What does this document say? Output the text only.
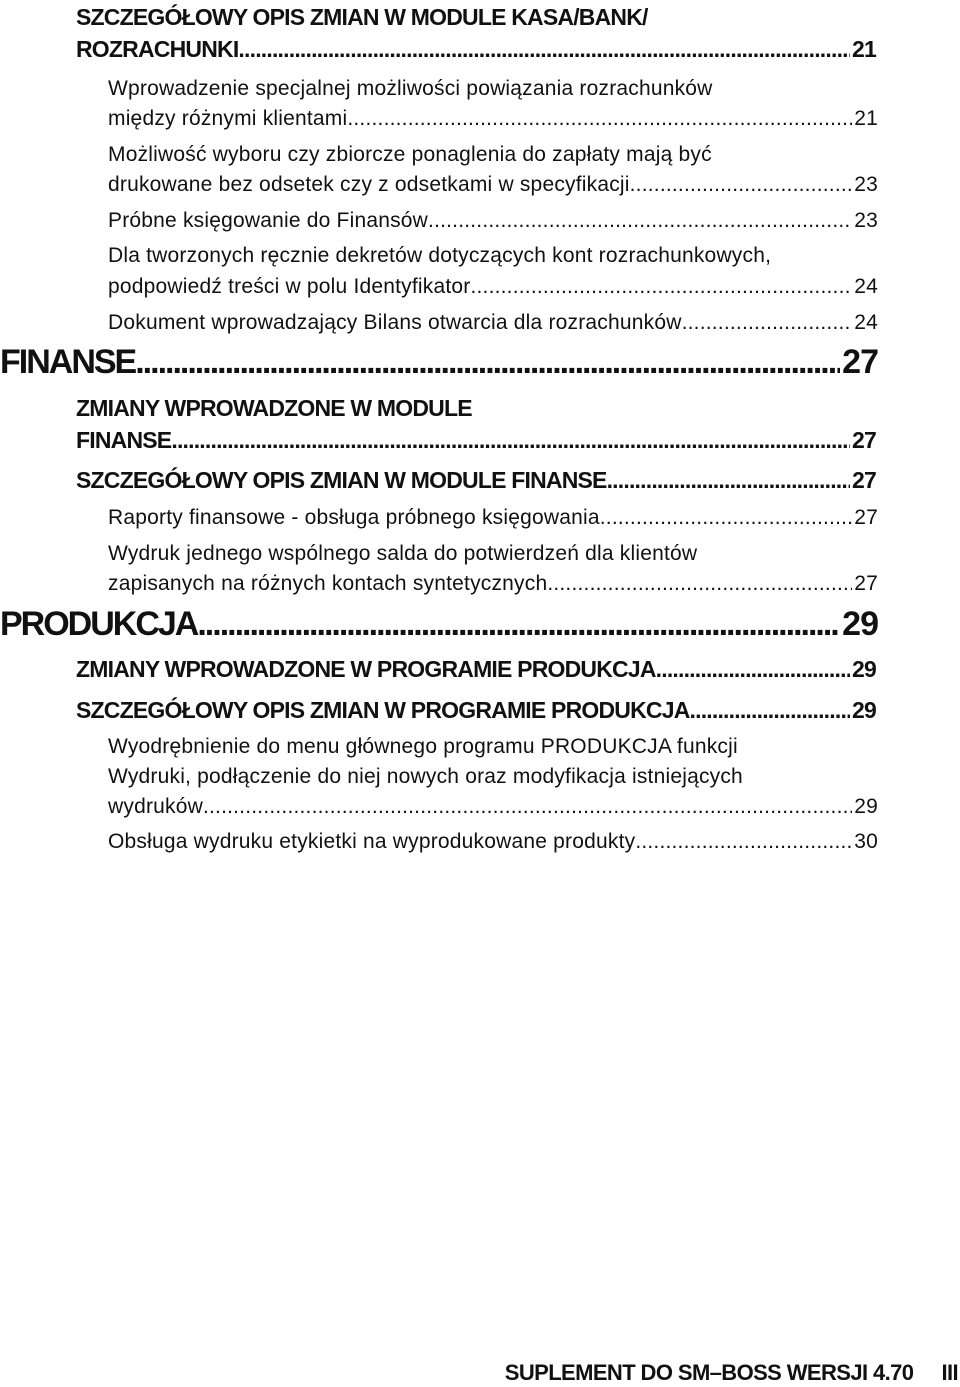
SZCZEGÓŁOWY OPIS ZMIAN W MODULE KASA/BANK/
ROZRACHUNKI .....	21
Wprowadzenie specjalnej możliwości powiązania rozrachunków
między różnymi klientami .....	21
Możliwość wyboru czy zbiorcze ponaglenia do zapłaty mają być
drukowane bez odsetek czy z odsetkami w specyfikacji .....	23
Próbne księgowanie do Finansów .....	23
Dla tworzonych ręcznie dekretów dotyczących kont rozrachunkowych,
podpowiedź treści w polu Identyfikator .....	24
Dokument wprowadzający Bilans otwarcia dla rozrachunków .....	24
FINANSE .....	27
ZMIANY WPROWADZONE W MODULE
FINANSE .....	27
SZCZEGÓŁOWY OPIS ZMIAN W MODULE FINANSE .....	27
Raporty finansowe - obsługa próbnego księgowania .....	27
Wydruk jednego wspólnego salda do potwierdzeń dla klientów
zapisanych na różnych kontach syntetycznych .....	27
PRODUKCJA .....	29
ZMIANY WPROWADZONE W PROGRAMIE PRODUKCJA .....	29
SZCZEGÓŁOWY OPIS ZMIAN W PROGRAMIE PRODUKCJA .....	29
Wyodrębnienie do menu głównego programu PRODUKCJA funkcji
Wydruki, podłączenie do niej nowych oraz modyfikacja istniejących
wydruków .....	29
Obsługa wydruku etykietki na wyprodukowane produkty .....	30
SUPLEMENT DO SM–BOSS WERSJI 4.70 III
